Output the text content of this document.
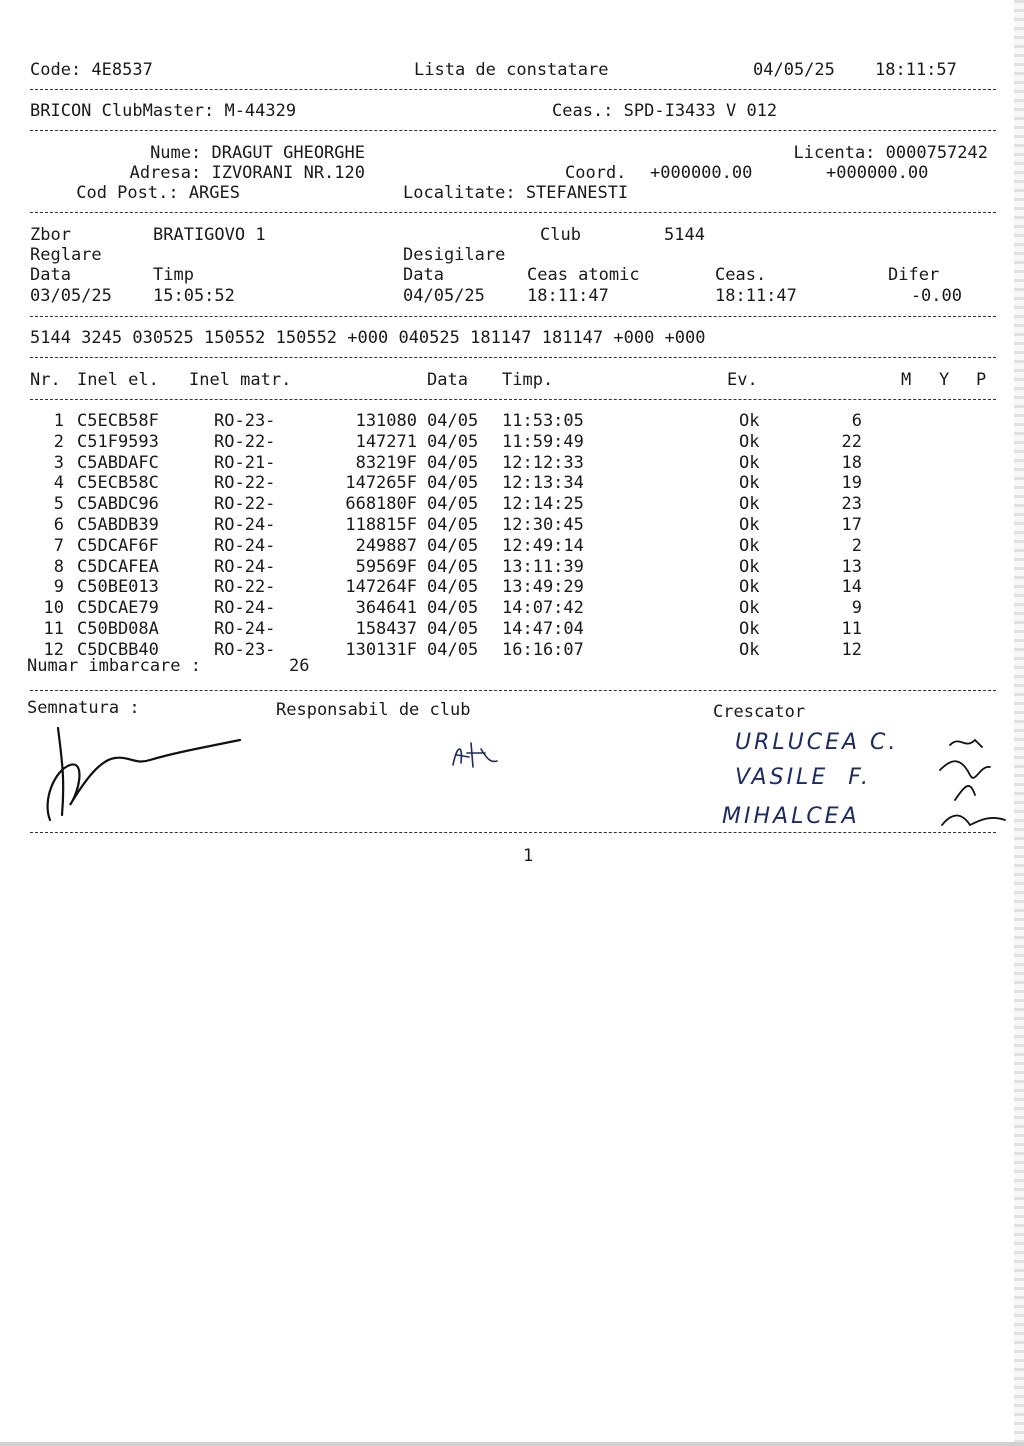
Code: 4E8537	Lista de constatare	04/05/25 18:11:57
BRICON ClubMaster: M-44329	Ceas.: SPD-I3433 V 012
Nume: DRAGUT GHEORGHE
Adresa: IZVORANI NR.120
Cod Post.: ARGES
Licenta: 0000757242
Coord. +000000.00	+000000.00
Localitate: STEFANESTI
Zbor	BRATIGOVO 1	Club	5144
Reglare	Desigilare
Data	Timp	Data	Ceas atomic	Ceas.	Difer
03/05/25 15:05:52	04/05/25 18:11:47	18:11:47	-0.00
5144 3245 030525 150552 150552 +000 040525 181147 181147 +000 +000
Nr. Inel el. Inel matr.	Data Timp.	Ev.	M Y P
1 C5ECB58F	RO-23-	131080 04/05	11:53:05	Ok	6
2 C51F9593	RO-22-	147271 04/05	11:59:49	Ok	22
3 C5ABDAFC	RO-21-	83219F 04/05	12:12:33	Ok	18
4 C5ECB58C	RO-22-	147265F 04/05	12:13:34	Ok	19
5 C5ABDC96	RO-22-	668180F 04/05	12:14:25	Ok	23
6 C5ABDB39	RO-24-	118815F 04/05	12:30:45	Ok	17
7 C5DCAF6F	RO-24-	249887 04/05	12:49:14	Ok	2
8 C5DCAFEA	RO-24-	59569F 04/05	13:11:39	Ok	13
9 C50BE013	RO-22-	147264F 04/05	13:49:29	Ok	14
10 C5DCAE79	RO-24-	364641 04/05	14:07:42	Ok	9
11 C50BD08A	RO-24-	158437 04/05	14:47:04	Ok	11
12 C5DCBB40	RO-23-	130131F 04/05	16:16:07	Ok	12
Numar imbarcare :	26
Semnatura :	Responsabil de club	Crescator
URLUCEA C.
VASILE  F.
MIHALCEA
1
